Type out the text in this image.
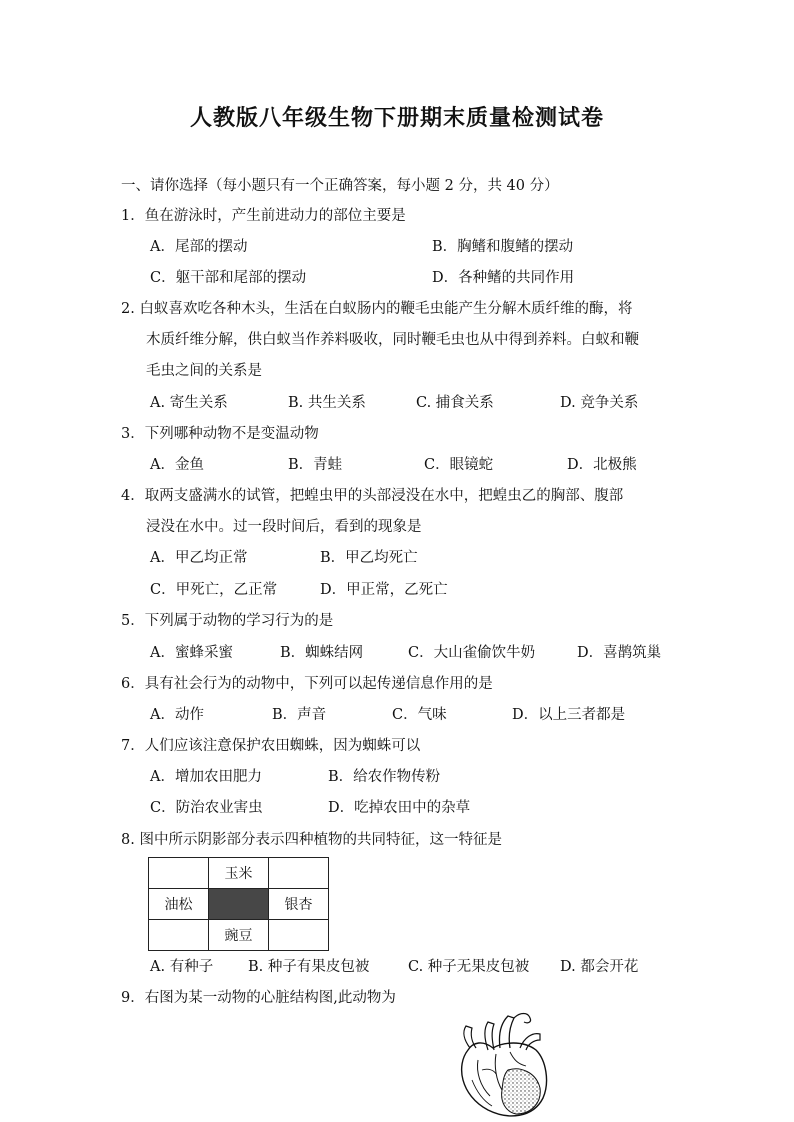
人教版八年级生物下册期末质量检测试卷
一、请你选择（每小题只有一个正确答案，每小题 2 分，共 40 分）
1．鱼在游泳时，产生前进动力的部位主要是
A．尾部的摆动	B．胸鳍和腹鳍的摆动
C．躯干部和尾部的摆动	D．各种鳍的共同作用
2. 白蚁喜欢吃各种木头，生活在白蚁肠内的鞭毛虫能产生分解木质纤维的酶，将
木质纤维分解，供白蚁当作养料吸收，同时鞭毛虫也从中得到养料。白蚁和鞭
毛虫之间的关系是
A. 寄生关系	B. 共生关系	C. 捕食关系	D. 竞争关系
3．下列哪种动物不是变温动物
A．金鱼	B．青蛙	C．眼镜蛇	D．北极熊
4．取两支盛满水的试管，把蝗虫甲的头部浸没在水中，把蝗虫乙的胸部、腹部
浸没在水中。过一段时间后，看到的现象是
A．甲乙均正常	B．甲乙均死亡
C．甲死亡，乙正常	D．甲正常，乙死亡
5．下列属于动物的学习行为的是
A．蜜蜂采蜜	B．蜘蛛结网	C．大山雀偷饮牛奶	D．喜鹊筑巢
6．具有社会行为的动物中，下列可以起传递信息作用的是
A．动作	B．声音	C．气味	D．以上三者都是
7．人们应该注意保护农田蜘蛛，因为蜘蛛可以
A．增加农田肥力	B．给农作物传粉
C．防治农业害虫	D．吃掉农田中的杂草
8. 图中所示阴影部分表示四种植物的共同特征，这一特征是
	玉米	
油松		银杏
	豌豆	
A. 有种子 B. 种子有果皮包被	C. 种子无果皮包被 D. 都会开花
9．右图为某一动物的心脏结构图,此动物为
